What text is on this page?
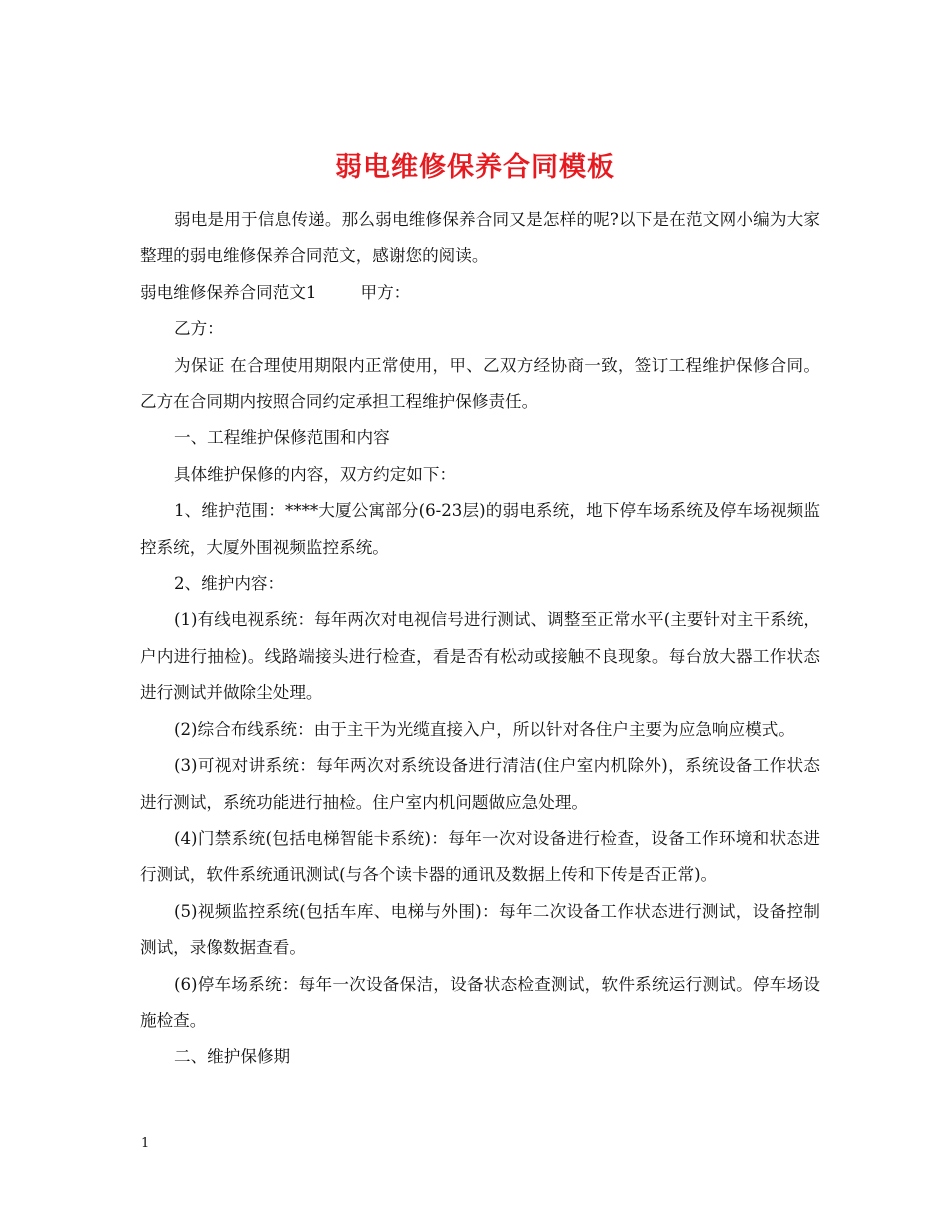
弱电维修保养合同模板

弱电是用于信息传递。那么弱电维修保养合同又是怎样的呢?以下是在范文网小编为大家整理的弱电维修保养合同范文，感谢您的阅读。

弱电维修保养合同范文1	甲方：

乙方：

为保证 在合理使用期限内正常使用，甲、乙双方经协商一致，签订工程维护保修合同。乙方在合同期内按照合同约定承担工程维护保修责任。

一、工程维护保修范围和内容

具体维护保修的内容，双方约定如下：

1、维护范围：****大厦公寓部分(6-23层)的弱电系统，地下停车场系统及停车场视频监控系统，大厦外围视频监控系统。

2、维护内容：

(1)有线电视系统：每年两次对电视信号进行测试、调整至正常水平(主要针对主干系统，户内进行抽检)。线路端接头进行检查，看是否有松动或接触不良现象。每台放大器工作状态进行测试并做除尘处理。

(2)综合布线系统：由于主干为光缆直接入户，所以针对各住户主要为应急响应模式。

(3)可视对讲系统：每年两次对系统设备进行清洁(住户室内机除外)，系统设备工作状态进行测试，系统功能进行抽检。住户室内机问题做应急处理。

(4)门禁系统(包括电梯智能卡系统)：每年一次对设备进行检查，设备工作环境和状态进行测试，软件系统通讯测试(与各个读卡器的通讯及数据上传和下传是否正常)。

(5)视频监控系统(包括车库、电梯与外围)：每年二次设备工作状态进行测试，设备控制测试，录像数据查看。

(6)停车场系统：每年一次设备保洁，设备状态检查测试，软件系统运行测试。停车场设施检查。

二、维护保修期

1
